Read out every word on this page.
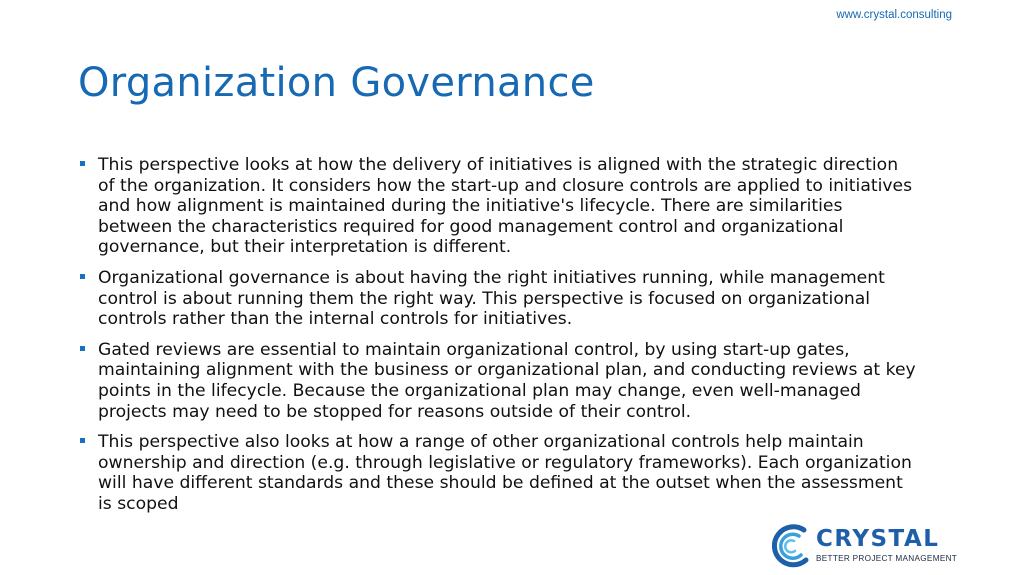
www.crystal.consulting
Organization Governance
This perspective looks at how the delivery of initiatives is aligned with the strategic direction of the organization. It considers how the start-up and closure controls are applied to initiatives and how alignment is maintained during the initiative's lifecycle. There are similarities between the characteristics required for good management control and organizational governance, but their interpretation is different.
Organizational governance is about having the right initiatives running, while management control is about running them the right way. This perspective is focused on organizational controls rather than the internal controls for initiatives.
Gated reviews are essential to maintain organizational control, by using start-up gates, maintaining alignment with the business or organizational plan, and conducting reviews at key points in the lifecycle. Because the organizational plan may change, even well-managed projects may need to be stopped for reasons outside of their control.
This perspective also looks at how a range of other organizational controls help maintain ownership and direction (e.g. through legislative or regulatory frameworks). Each organization will have different standards and these should be defined at the outset when the assessment is scoped
CRYSTAL
BETTER PROJECT MANAGEMENT
